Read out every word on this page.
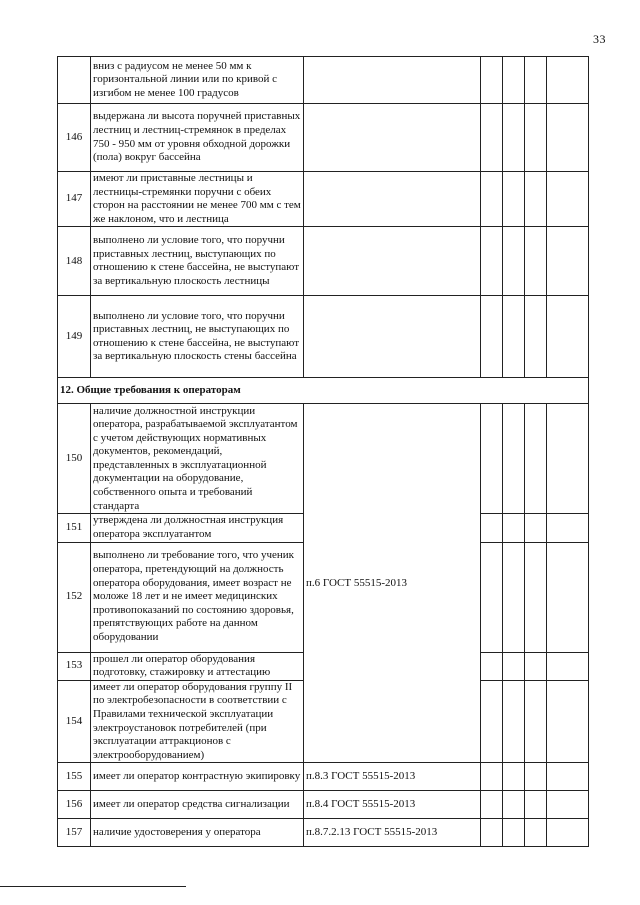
33
	вниз с радиусом не менее 50 мм к горизонтальной линии или по кривой с изгибом не менее 100 градусов					
146	выдержана ли высота поручней приставных лестниц и лестниц-стремянок в пределах 750 - 950 мм от уровня обходной дорожки (пола) вокруг бассейна					
147	имеют ли приставные лестницы и лестницы-стремянки поручни с обеих сторон на расстоянии не менее 700 мм с тем же наклоном, что и лестница					
148	выполнено ли условие того, что поручни приставных лестниц, выступающих по отношению к стене бассейна, не выступают за вертикальную плоскость лестницы					
149	выполнено ли условие того, что поручни приставных лестниц, не выступающих по отношению к стене бассейна, не выступают за вертикальную плоскость стены бассейна					
12. Общие требования к операторам						
150	наличие должностной инструкции оператора, разрабатываемой эксплуатантом с учетом действующих нормативных документов, рекомендаций, представленных в эксплуатационной документации на оборудование, собственного опыта и требований стандарта	п.6 ГОСТ 55515-2013				
151	утверждена ли должностная инструкция оператора эксплуатантом					
152	выполнено ли требование того, что ученик оператора, претендующий на должность оператора оборудования, имеет возраст не моложе 18 лет и не имеет медицинских противопоказаний по состоянию здоровья, препятствующих работе на данном оборудовании					
153	прошел ли оператор оборудования подготовку, стажировку и аттестацию					
154	имеет ли оператор оборудования группу II по электробезопасности в соответствии с Правилами технической эксплуатации электроустановок потребителей (при эксплуатации аттракционов с электрооборудованием)					
155	имеет ли оператор контрастную экипировку	п.8.3 ГОСТ 55515-2013				
156	имеет ли оператор средства сигнализации	п.8.4 ГОСТ 55515-2013				
157	наличие удостоверения у оператора	п.8.7.2.13 ГОСТ 55515-2013				
